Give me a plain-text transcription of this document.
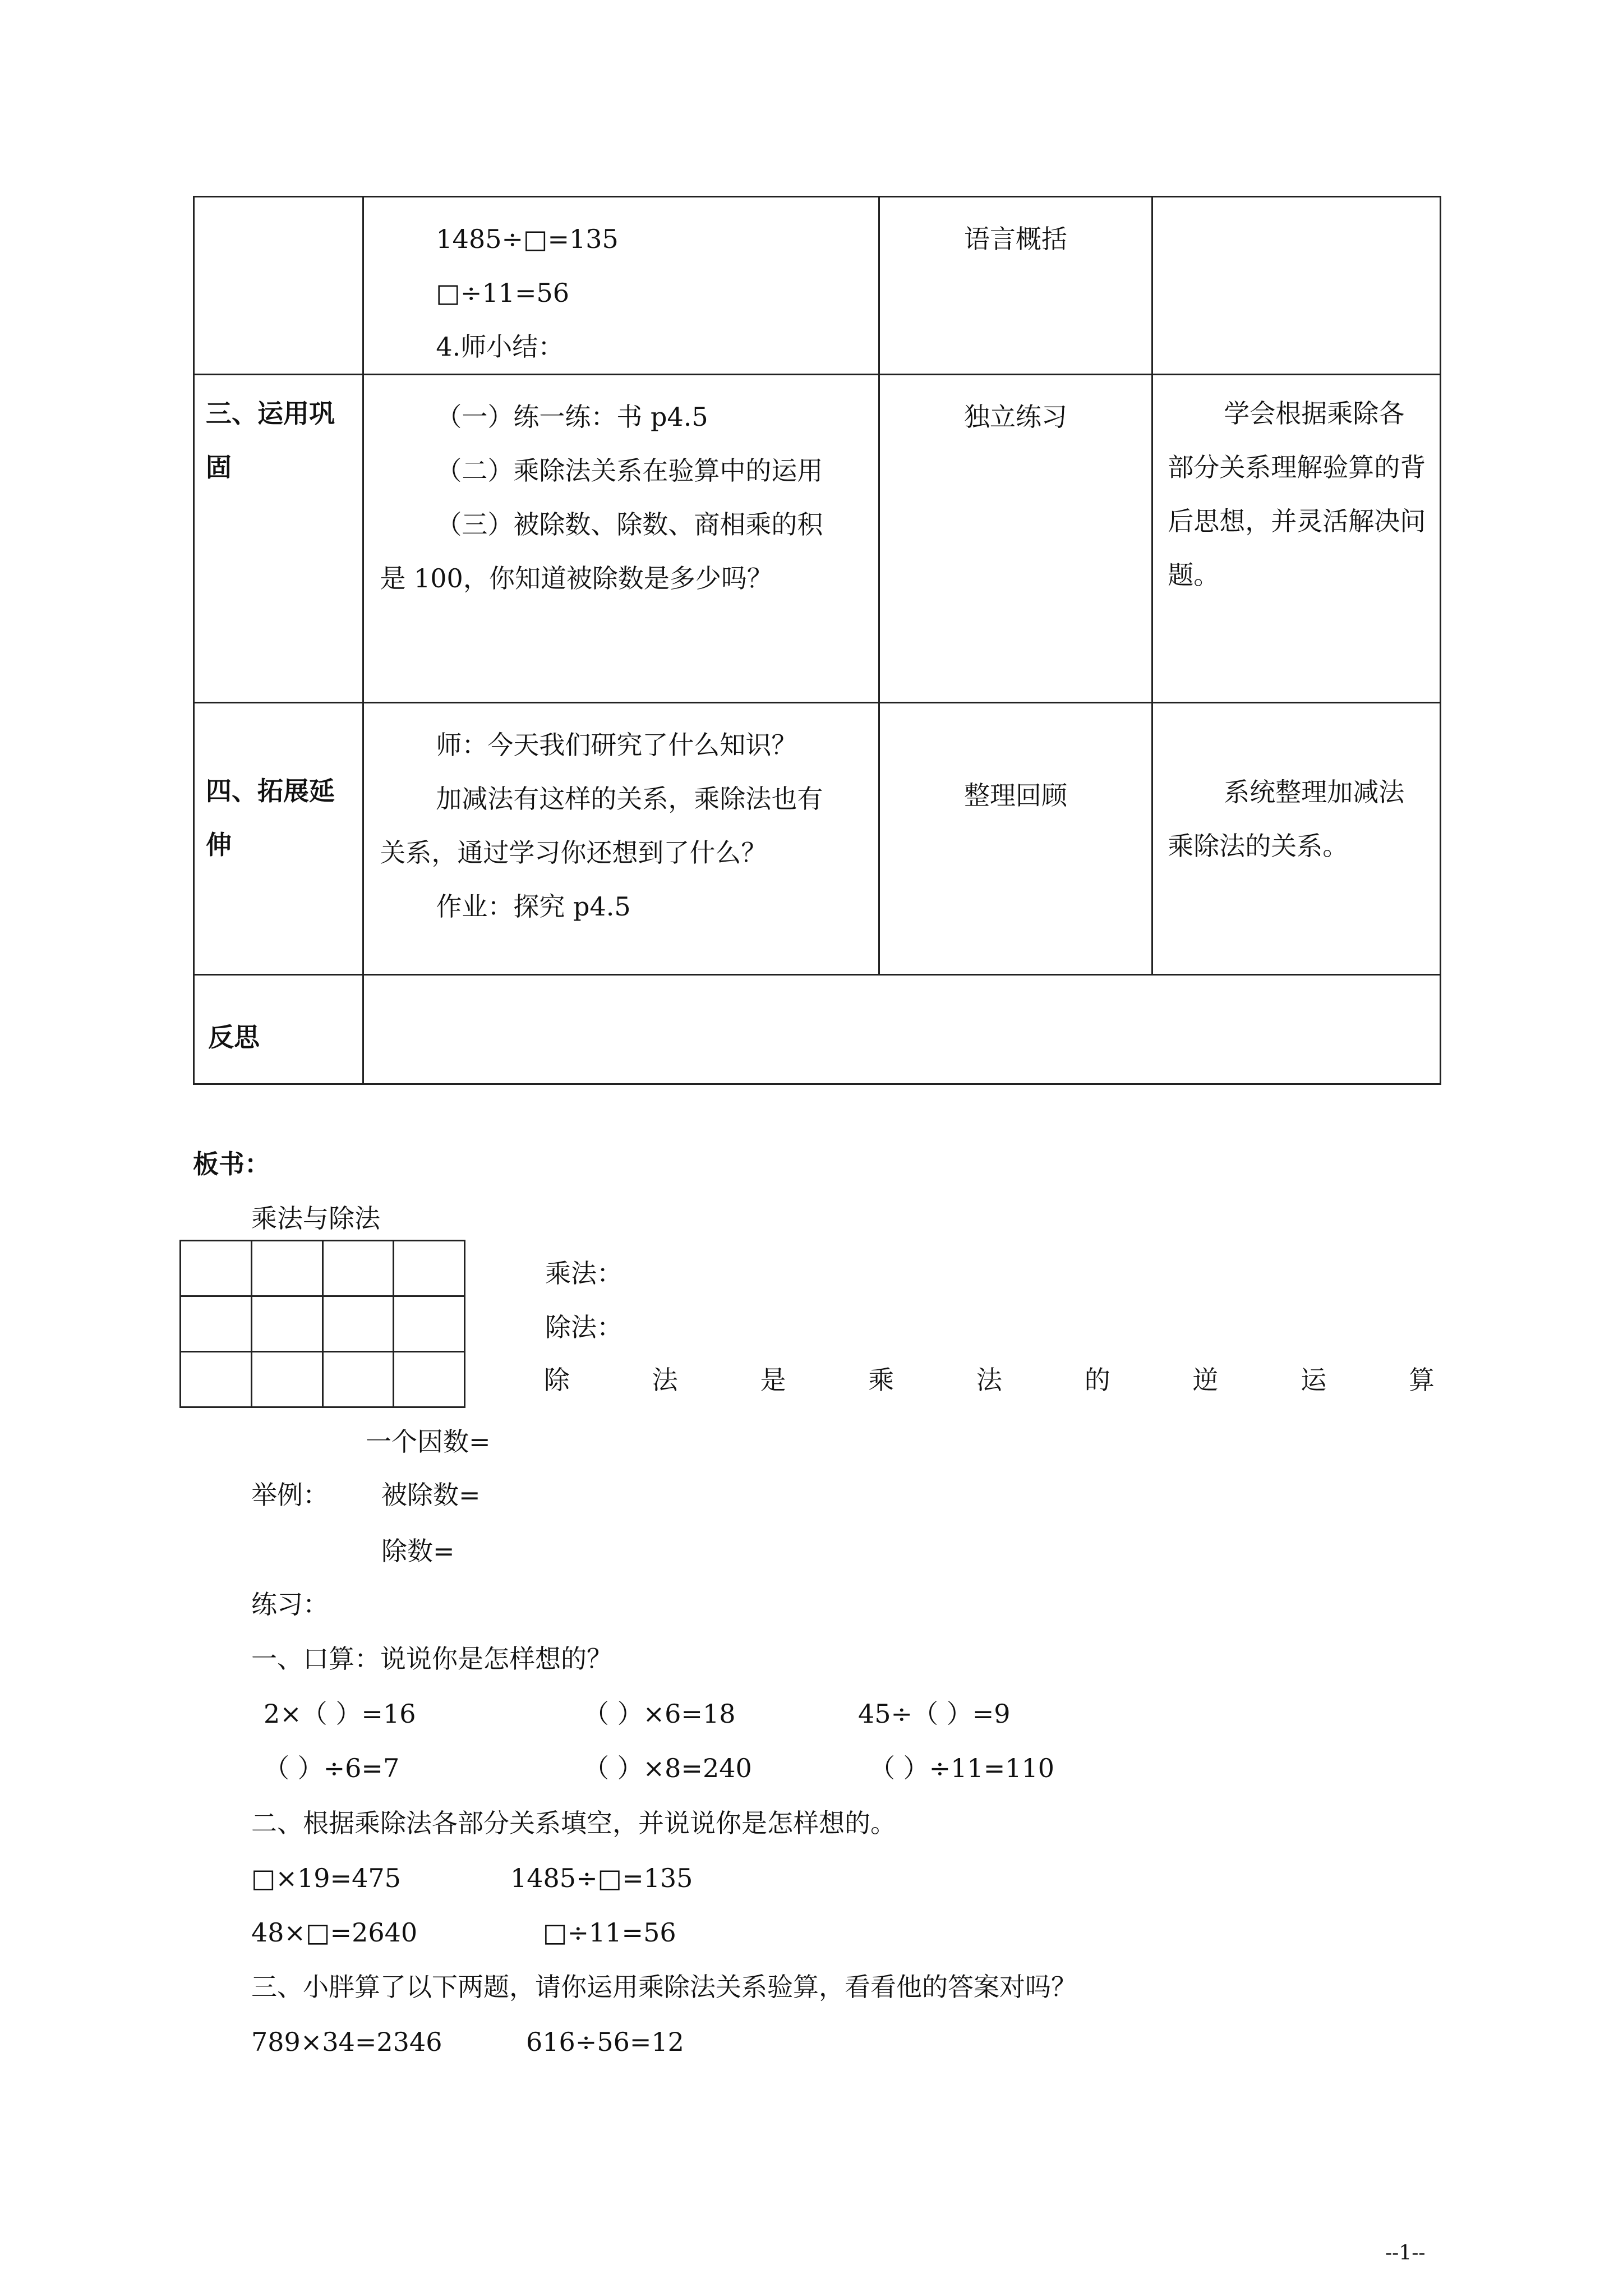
	1485÷□=135
□÷11=56
4.师小结：	语言概括	
三、运用巩固	（一）练一练：书 p4.5
（二）乘除法关系在验算中的运用
（三）被除数、除数、商相乘的积
是 100，你知道被除数是多少吗？	独立练习	学会根据乘除各部分关系理解验算的背后思想，并灵活解决问题。

四、拓展延伸	师：今天我们研究了什么知识？
加减法有这样的关系，乘除法也有
关系，通过学习你还想到了什么？
作业：探究 p4.5	整理回顾	系统整理加减法乘除法的关系。

反思			
板书：
乘法与除法

乘法：
除法：
除	法	是	乘	法	的	逆	运	算
一个因数=
举例： 被除数=
除数=
练习：
一、口算：说说你是怎样想的？
2×（ ）=16	（ ）×6=18	45÷（ ）=9
（ ）÷6=7	（ ）×8=240	（ ）÷11=110
二、根据乘除法各部分关系填空，并说说你是怎样想的。
□×19=475	1485÷□=135
48×□=2640	□÷11=56
三、小胖算了以下两题，请你运用乘除法关系验算，看看他的答案对吗？
789×34=2346	616÷56=12
--1--
